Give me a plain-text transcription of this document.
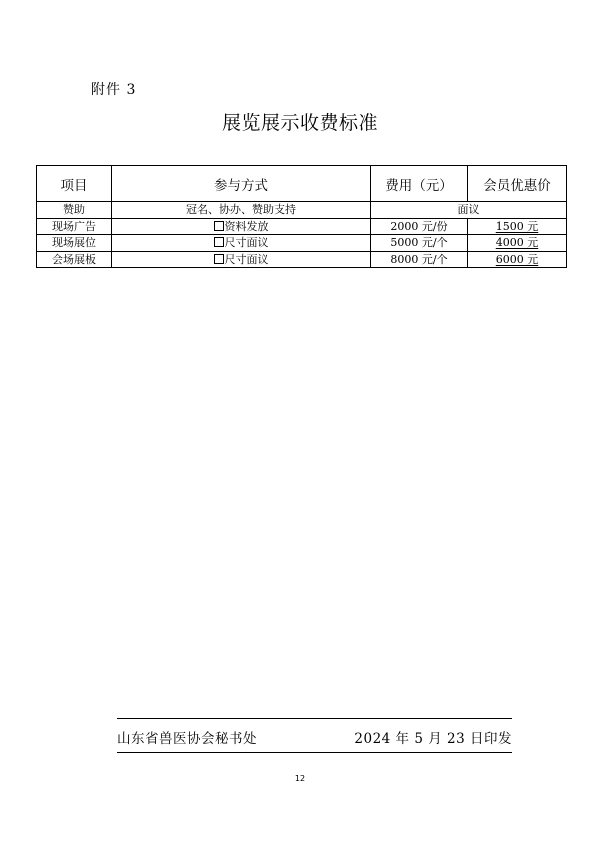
附件 3
展览展示收费标准
项目	参与方式	费用（元）	会员优惠价
赞助	冠名、协办、赞助支持	面议	
现场广告	资料发放	2000 元/份	1500 元
现场展位	尺寸面议	5000 元/个	4000 元
会场展板	尺寸面议	8000 元/个	6000 元
山东省兽医协会秘书处	2024 年 5 月 23 日印发
12
